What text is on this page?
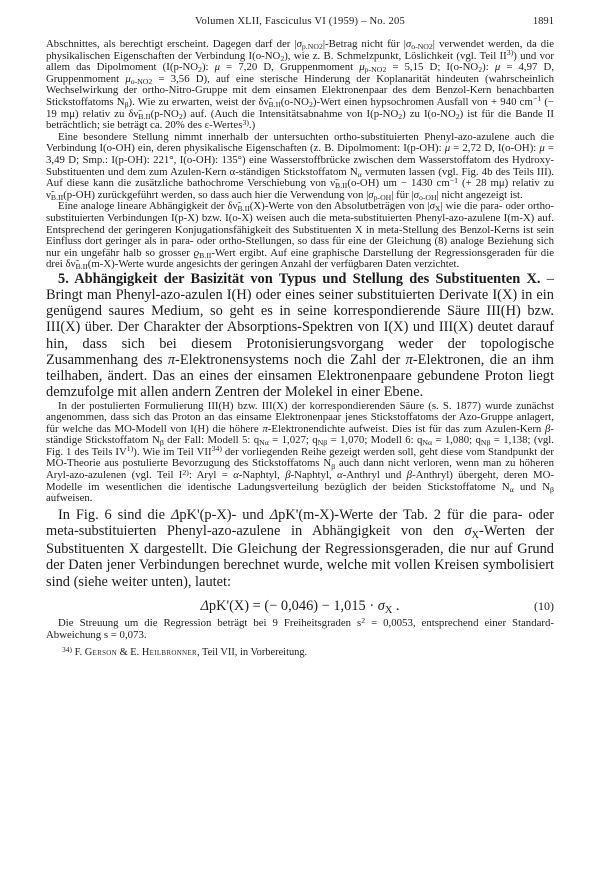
Volumen XLII, Fasciculus VI (1959) – No. 205	1891

Abschnittes, als berechtigt erscheint. Dagegen darf der $|\sigma_{p.NO2}|$-Betrag nicht für $|\sigma_{o-NO2}|$ verwendet werden, da die physikalischen Eigenschaften der Verbindung $I(o-NO_2)$, wie z. B. Schmelzpunkt, Löslichkeit (vgl. Teil II$^{3)}$) und vor allem das Dipolmoment ($I(p-NO_2)$: μ = 7,20 D, Gruppenmoment $\mu_{p-NO2} = 5,15$ D; $I(o-NO_2)$: μ = 4,97 D, Gruppenmoment $\mu_{o-NO2} = 3,56$ D), auf eine sterische Hinderung der Koplanarität hindeuten (wahrscheinlich Wechselwirkung der ortho-Nitro-Gruppe mit dem einsamen Elektronenpaar des dem Benzol-Kern benachbarten Stickstoffatoms $N_\beta$). Wie zu erwarten, weist der $\delta\nũ_{B.II}(o-NO_2)$-Wert einen hypsochromen Ausfall von + 940 $cm^{-1}$ (− 19 mμ) relativ zu $\delta\nũ_{B.II}(p-NO_2)$ auf. (Auch die Intensitätsabnahme von $I(p-NO_2)$ zu $I(o-NO_2)$ ist für die Bande II beträchtlich; sie beträgt ca. 20% des ε-Wertes$^{3)}$.)

Eine besondere Stellung nimmt innerhalb der untersuchten ortho-substituierten Phenyl-azo-azulene auch die Verbindung I(o-OH) ein, deren physikalische Eigenschaften (z. B. Dipolmoment: I(p-OH): μ = 2,72 D, I(o-OH): μ = 3,49 D; Smp.: I(p-OH): 221°, I(o-OH): 135°) eine Wasserstoffbrücke zwischen dem Wasserstoffatom des Hydroxy-Substituenten und dem zum Azulen-Kern α-ständigen Stickstoffatom $N_\alpha$ vermuten lassen (vgl. Fig. 4b des Teils III). Auf diese kann die zusätzliche bathochrome Verschiebung von $\nũ_{B.II}(o-OH)$ um − 1430 $cm^{-1}$ (+ 28 mμ) relativ zu $\nũ_{B.II}(p-OH)$ zurückgeführt werden, so dass auch hier die Verwendung von $|\sigma_{p-OH}|$ für $|\sigma_{o-OH}|$ nicht angezeigt ist.

Eine analoge lineare Abhängigkeit der $\delta\nũ_{B.II}(X)$-Werte von den Absolutbeträgen von $|\sigma_X|$ wie die para- oder ortho-substituierten Verbindungen I(p-X) bzw. I(o-X) weisen auch die meta-substituierten Phenyl-azo-azulene I(m-X) auf. Entsprechend der geringeren Konjugationsfähigkeit des Substituenten X in meta-Stellung des Benzol-Kerns ist sein Einfluss dort geringer als in para- oder ortho-Stellungen, so dass für eine der Gleichung (8) analoge Beziehung sich nur ein ungefähr halb so grosser $ϱ_{B.II}$-Wert ergibt. Auf eine graphische Darstellung der Regressionsgeraden für die drei $\delta\nũ_{B.II}(m-X)$-Werte wurde angesichts der geringen Anzahl der verfügbaren Daten verzichtet.

5. Abhängigkeit der Basizität von Typus und Stellung des Substituenten X. – Bringt man Phenyl-azo-azulen I(H) oder eines seiner substituierten Derivate I(X) in ein genügend saures Medium, so geht es in seine korrespondierende Säure III(H) bzw. III(X) über. Der Charakter der Absorptions-Spektren von I(X) und III(X) deutet darauf hin, dass sich bei diesem Protonisierungsvorgang weder der topologische Zusammenhang des π-Elektronensystems noch die Zahl der π-Elektronen, die an ihm teilhaben, ändert. Das an eines der einsamen Elektronenpaare gebundene Proton liegt demzufolge mit allen andern Zentren der Molekel in einer Ebene.

In der postulierten Formulierung III(H) bzw. III(X) der korrespondierenden Säure (s. S. 1877) wurde zunächst angenommen, dass sich das Proton an das einsame Elektronenpaar jenes Stickstoffatoms der Azo-Gruppe anlagert, für welche das MO-Modell von I(H) die höhere π-Elektronendichte aufweist. Dies ist für das zum Azulen-Kern β-ständige Stickstoffatom $N_\beta$ der Fall: Modell 5: $q_{N\alpha} = 1,027$; $q_{N\beta} = 1,070$; Modell 6: $q_{N\alpha} = 1,080$; $q_{N\beta} = 1,138$; (vgl. Fig. 1 des Teils IV$^{1)}$). Wie im Teil VII$^{34)}$ der vorliegenden Reihe gezeigt werden soll, geht diese vom Standpunkt der MO-Theorie aus postulierte Bevorzugung des Stickstoffatoms $N_\beta$ auch dann nicht verloren, wenn man zu höheren Aryl-azo-azulenen (vgl. Teil $I^{2)}$: Aryl = α-Naphtyl, β-Naphtyl, α-Anthryl und β-Anthryl) übergeht, deren MO-Modelle im wesentlichen die identische Ladungsverteilung bezüglich der beiden Stickstoffatome $N_\alpha$ und $N_\beta$ aufweisen.

In Fig. 6 sind die ΔpK'(p-X)- und ΔpK'(m-X)-Werte der Tab. 2 für die para- oder meta-substituierten Phenyl-azo-azulene in Abhängigkeit von den $\sigma_X$-Werten der Substituenten X dargestellt. Die Gleichung der Regressionsgeraden, die nur auf Grund der Daten jener Verbindungen berechnet wurde, welche mit vollen Kreisen symbolisiert sind (siehe weiter unten), lautet:

ΔpK'(X) = (− $0,046) - 1,015 \cdot \sigma_X$ .	(10)

Die Streuung um die Regression beträgt bei 9 Freiheitsgraden $s^2 = 0,0053$, entsprechend einer Standard-Abweichung s = 0,073.

$^{34)}$ F. Gerson & E. Heilbronner, Teil VII, in Vorbereitung.
